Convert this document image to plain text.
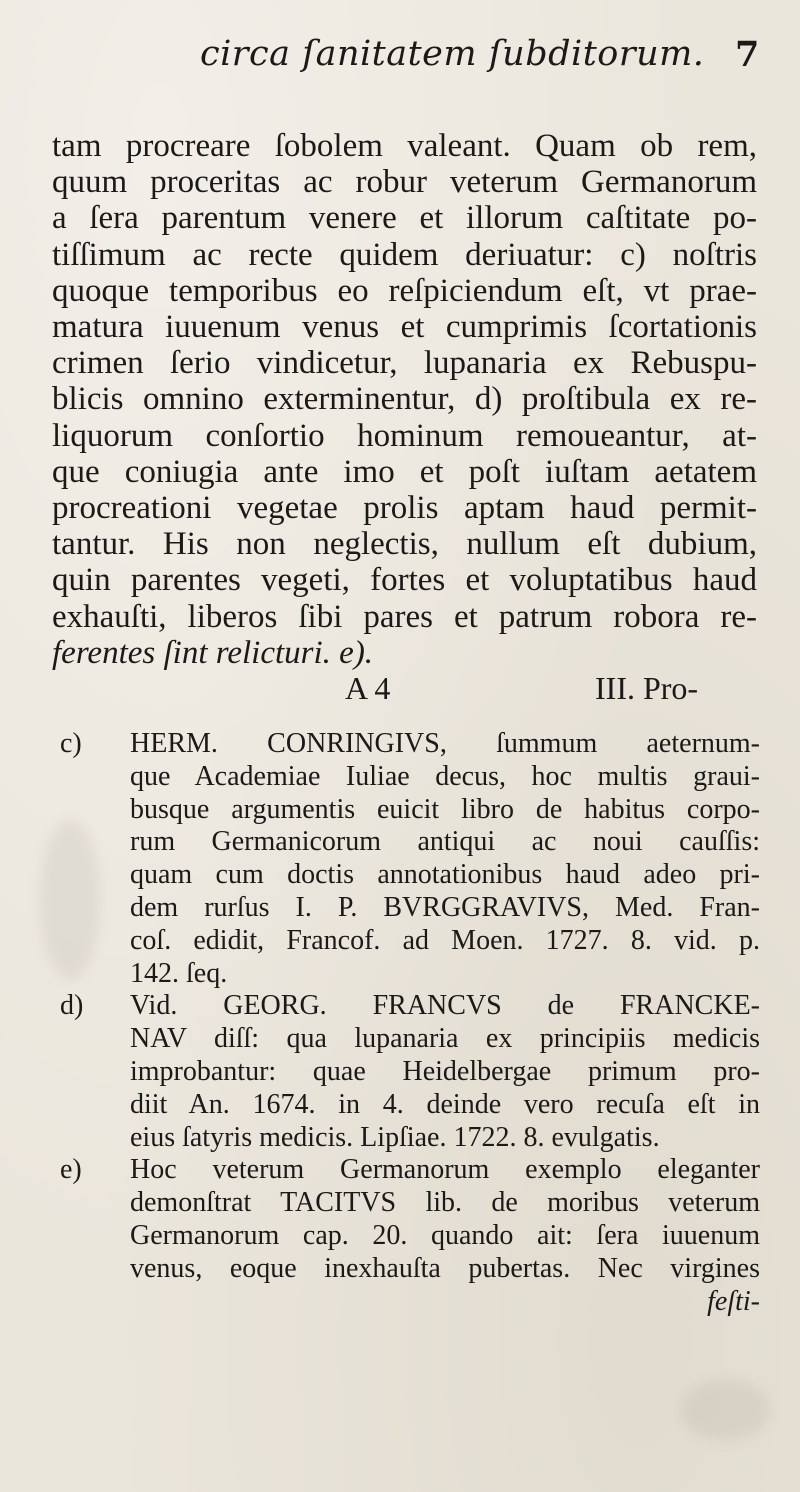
circa ſanitatem ſubditorum. 7
tam procreare ſobolem valeant. Quam ob rem,
quum proceritas ac robur veterum Germanorum
a ſera parentum venere et illorum caſtitate po-
tiſſimum ac recte quidem deriuatur: c) noſtris
quoque temporibus eo reſpiciendum eſt, vt prae-
matura iuuenum venus et cumprimis ſcortationis
crimen ſerio vindicetur, lupanaria ex Rebuspu-
blicis omnino exterminentur, d) proſtibula ex re-
liquorum conſortio hominum remoueantur, at-
que coniugia ante imo et poſt iuſtam aetatem
procreationi vegetae prolis aptam haud permit-
tantur. His non neglectis, nullum eſt dubium,
quin parentes vegeti, fortes et voluptatibus haud
exhauſti, liberos ſibi pares et patrum robora re-
ferentes ſint relicturi. e).
A 4	III. Pro-
c)	HERM. CONRINGIVS, ſummum aeternum-
que Academiae Iuliae decus, hoc multis graui-
busque argumentis euicit libro de habitus corpo-
rum Germanicorum antiqui ac noui cauſſis:
quam cum doctis annotationibus haud adeo pri-
dem rurſus I. P. BVRGGRAVIVS, Med. Fran-
coſ. edidit, Francof. ad Moen. 1727. 8. vid. p.
142. ſeq.
d)	Vid. GEORG. FRANCVS de FRANCKE-
NAV diſſ: qua lupanaria ex principiis medicis
improbantur: quae Heidelbergae primum pro-
diit An. 1674. in 4. deinde vero recuſa eſt in
eius ſatyris medicis. Lipſiae. 1722. 8. evulgatis.
e)	Hoc veterum Germanorum exemplo eleganter
demonſtrat TACITVS lib. de moribus veterum
Germanorum cap. 20. quando ait: ſera iuuenum
venus, eoque inexhauſta pubertas. Nec virgines
feſti-
